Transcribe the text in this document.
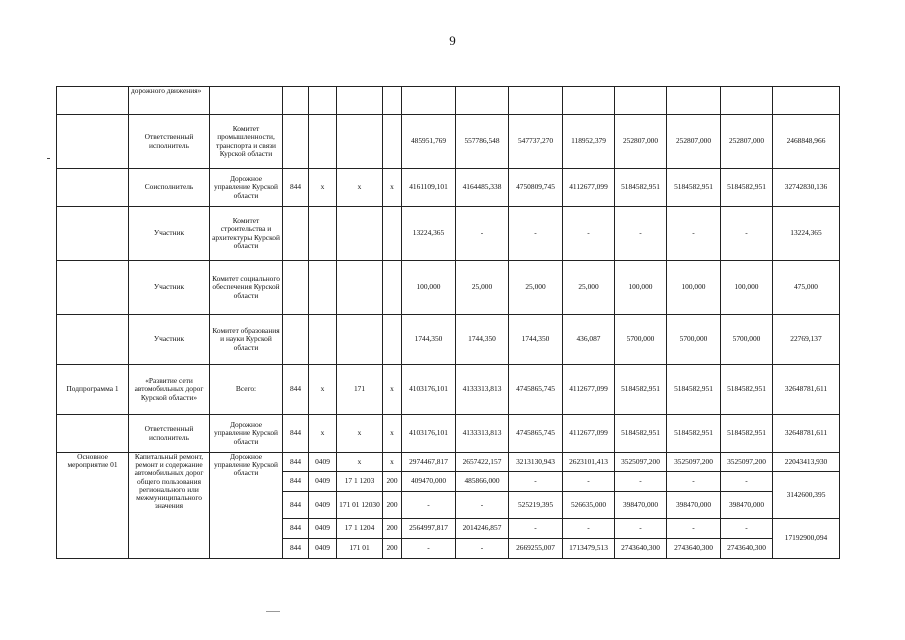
9
	дорожного движения»													
	Ответственный исполнитель	Комитет промышленности, транспорта и связи Курской области					485951,769	557786,548	547737,270	118952,379	252807,000	252807,000	252807,000	2468848,966
	Соисполнитель	Дорожное управление Курской области	844	х	х	х	4161109,101	4164485,338	4750809,745	4112677,099	5184582,951	5184582,951	5184582,951	32742830,136
	Участник	Комитет строительства и архитектуры Курской области					13224,365	-	-	-	-	-	-	13224,365
	Участник	Комитет социального обеспечения Курской области					100,000	25,000	25,000	25,000	100,000	100,000	100,000	475,000
	Участник	Комитет образования и науки Курской области					1744,350	1744,350	1744,350	436,087	5700,000	5700,000	5700,000	22769,137
Подпрограмма 1	«Развитие сети автомобильных дорог Курской области»	Всего:	844	х	171	х	4103176,101	4133313,813	4745865,745	4112677,099	5184582,951	5184582,951	5184582,951	32648781,611
	Ответственный исполнитель	Дорожное управление Курской области	844	х	х	х	4103176,101	4133313,813	4745865,745	4112677,099	5184582,951	5184582,951	5184582,951	32648781,611
Основное мероприятие 01	Капитальный ремонт, ремонт и содержание автомобильных дорог общего пользования регионального или межмуниципального значения	Дорожное управление Курской области	844	0409	х	х	2974467,817	2657422,157	3213130,943	2623101,413	3525097,200	3525097,200	3525097,200	22043413,930
			844	0409	17 1 1203	200	409470,000	485866,000	-	-	-	-	-	3142600,395
			844	0409	171 01 12030	200	-	-	525219,395	526635,000	398470,000	398470,000	398470,000	
			844	0409	17 1 1204	200	2564997,817	2014246,857	-	-	-	-	-	17192900,094
			844	0409	171 01	200	-	-	2669255,007	1713479,513	2743640,300	2743640,300	2743640,300	
